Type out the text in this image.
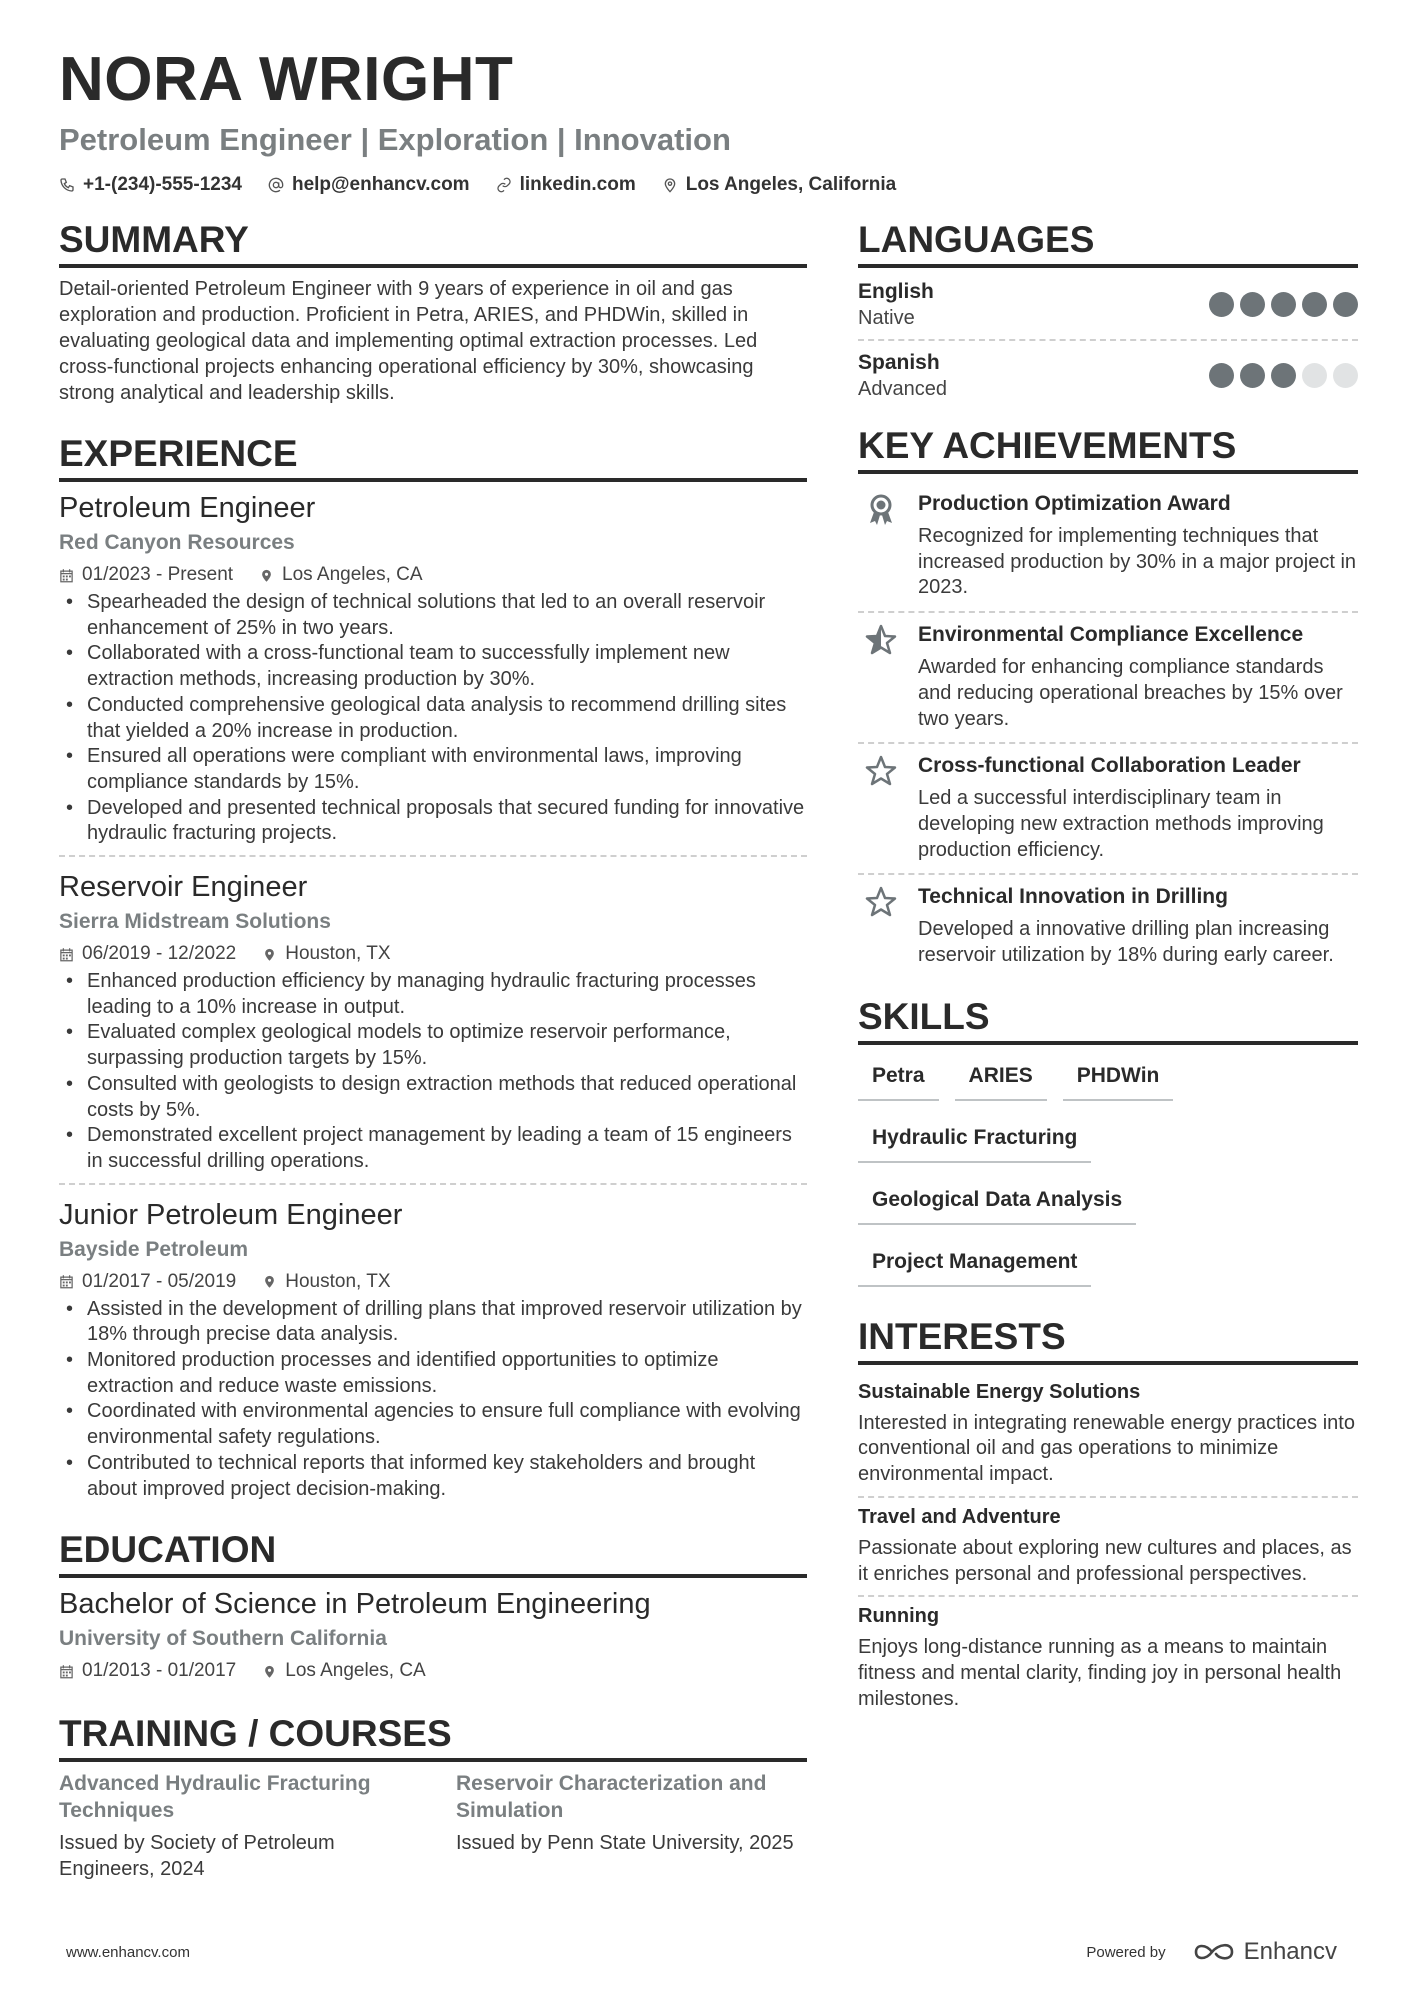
NORA WRIGHT
Petroleum Engineer | Exploration | Innovation
+1-(234)-555-1234	help@enhancv.com	linkedin.com	Los Angeles, California
SUMMARY
Detail-oriented Petroleum Engineer with 9 years of experience in oil and gas exploration and production. Proficient in Petra, ARIES, and PHDWin, skilled in evaluating geological data and implementing optimal extraction processes. Led cross-functional projects enhancing operational efficiency by 30%, showcasing strong analytical and leadership skills.
EXPERIENCE
Petroleum Engineer
Red Canyon Resources
01/2023 - Present	Los Angeles, CA
• Spearheaded the design of technical solutions that led to an overall reservoir enhancement of 25% in two years.
• Collaborated with a cross-functional team to successfully implement new extraction methods, increasing production by 30%.
• Conducted comprehensive geological data analysis to recommend drilling sites that yielded a 20% increase in production.
• Ensured all operations were compliant with environmental laws, improving compliance standards by 15%.
• Developed and presented technical proposals that secured funding for innovative hydraulic fracturing projects.
Reservoir Engineer
Sierra Midstream Solutions
06/2019 - 12/2022	Houston, TX
• Enhanced production efficiency by managing hydraulic fracturing processes leading to a 10% increase in output.
• Evaluated complex geological models to optimize reservoir performance, surpassing production targets by 15%.
• Consulted with geologists to design extraction methods that reduced operational costs by 5%.
• Demonstrated excellent project management by leading a team of 15 engineers in successful drilling operations.
Junior Petroleum Engineer
Bayside Petroleum
01/2017 - 05/2019	Houston, TX
• Assisted in the development of drilling plans that improved reservoir utilization by 18% through precise data analysis.
• Monitored production processes and identified opportunities to optimize extraction and reduce waste emissions.
• Coordinated with environmental agencies to ensure full compliance with evolving environmental safety regulations.
• Contributed to technical reports that informed key stakeholders and brought about improved project decision-making.
EDUCATION
Bachelor of Science in Petroleum Engineering
University of Southern California
01/2013 - 01/2017	Los Angeles, CA
TRAINING / COURSES
Advanced Hydraulic Fracturing Techniques
Issued by Society of Petroleum Engineers, 2024
Reservoir Characterization and Simulation
Issued by Penn State University, 2025
LANGUAGES
English
Native
Spanish
Advanced
KEY ACHIEVEMENTS
Production Optimization Award
Recognized for implementing techniques that increased production by 30% in a major project in 2023.
Environmental Compliance Excellence
Awarded for enhancing compliance standards and reducing operational breaches by 15% over two years.
Cross-functional Collaboration Leader
Led a successful interdisciplinary team in developing new extraction methods improving production efficiency.
Technical Innovation in Drilling
Developed a innovative drilling plan increasing reservoir utilization by 18% during early career.
SKILLS
Petra	ARIES	PHDWin
Hydraulic Fracturing
Geological Data Analysis
Project Management
INTERESTS
Sustainable Energy Solutions
Interested in integrating renewable energy practices into conventional oil and gas operations to minimize environmental impact.
Travel and Adventure
Passionate about exploring new cultures and places, as it enriches personal and professional perspectives.
Running
Enjoys long-distance running as a means to maintain fitness and mental clarity, finding joy in personal health milestones.
www.enhancv.com	Powered by	Enhancv
